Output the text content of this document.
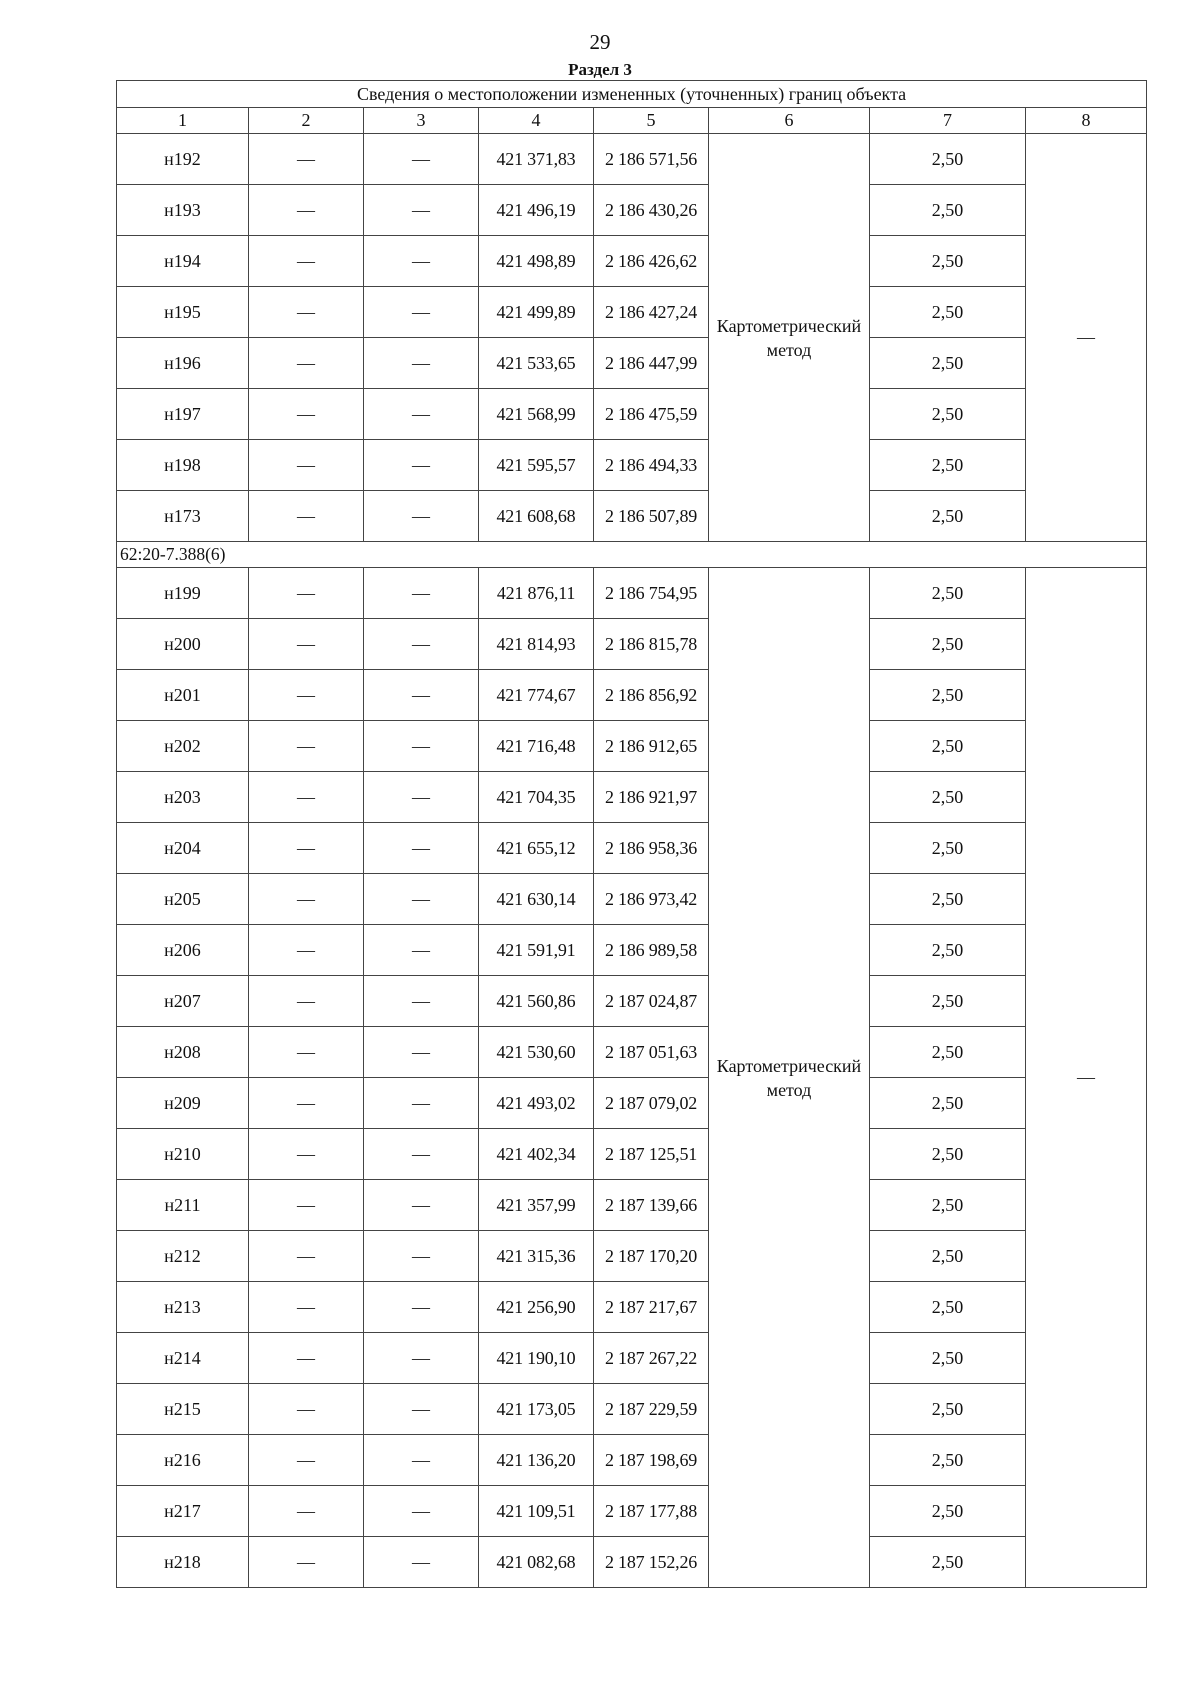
29
Раздел 3
Сведения о местоположении измененных (уточненных) границ объекта							
1	2	3	4	5	6	7	8
н192	—	—	421 371,83	2 186 571,56	Картометрический метод	2,50	—
н193	—	—	421 496,19	2 186 430,26		2,50	
н194	—	—	421 498,89	2 186 426,62		2,50	
н195	—	—	421 499,89	2 186 427,24		2,50	
н196	—	—	421 533,65	2 186 447,99		2,50	
н197	—	—	421 568,99	2 186 475,59		2,50	
н198	—	—	421 595,57	2 186 494,33		2,50	
н173	—	—	421 608,68	2 186 507,89		2,50	
62:20-7.388(6)							
н199	—	—	421 876,11	2 186 754,95	Картометрический метод	2,50	—
н200	—	—	421 814,93	2 186 815,78		2,50	
н201	—	—	421 774,67	2 186 856,92		2,50	
н202	—	—	421 716,48	2 186 912,65		2,50	
н203	—	—	421 704,35	2 186 921,97		2,50	
н204	—	—	421 655,12	2 186 958,36		2,50	
н205	—	—	421 630,14	2 186 973,42		2,50	
н206	—	—	421 591,91	2 186 989,58		2,50	
н207	—	—	421 560,86	2 187 024,87		2,50	
н208	—	—	421 530,60	2 187 051,63		2,50	
н209	—	—	421 493,02	2 187 079,02		2,50	
н210	—	—	421 402,34	2 187 125,51		2,50	
н211	—	—	421 357,99	2 187 139,66		2,50	
н212	—	—	421 315,36	2 187 170,20		2,50	
н213	—	—	421 256,90	2 187 217,67		2,50	
н214	—	—	421 190,10	2 187 267,22		2,50	
н215	—	—	421 173,05	2 187 229,59		2,50	
н216	—	—	421 136,20	2 187 198,69		2,50	
н217	—	—	421 109,51	2 187 177,88		2,50	
н218	—	—	421 082,68	2 187 152,26		2,50	
